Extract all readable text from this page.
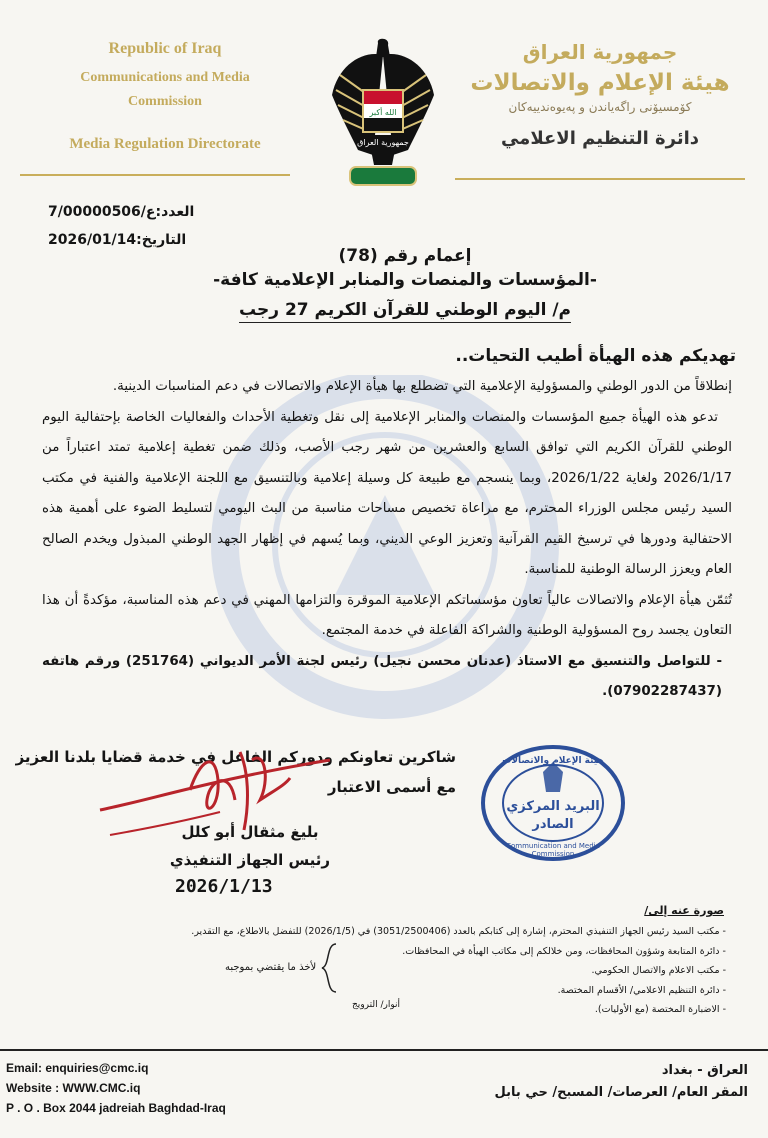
Republic of Iraq
Communications and Media
Commission
Media Regulation Directorate
الله أكبر
جمهورية العراق
جمهورية العراق
هيئة الإعلام والاتصالات
کۆمسیۆنی راگەیاندن و پەیوەندییەکان
دائرة التنظيم الاعلامي
العدد:7/ع/00000506
التاريخ:2026/01/14
إعمام رقم (78)
-المؤسسات والمنصات والمنابر الإعلامية كافة-
م/ اليوم الوطني للقرآن الكريم 27 رجب
تهديكم هذه الهيأة أطيب التحيات..

إنطلاقاً من الدور الوطني والمسؤولية الإعلامية التي تضطلع بها هيأة الإعلام والاتصالات في دعم المناسبات الدينية.

تدعو هذه الهيأة جميع المؤسسات والمنصات والمنابر الإعلامية إلى نقل وتغطية الأحداث والفعاليات الخاصة بإحتفالية اليوم الوطني للقرآن الكريم التي توافق السابع والعشرين من شهر رجب الأصب، وذلك ضمن تغطية إعلامية تمتد اعتباراً من 2026/1/17 ولغاية 2026/1/22، وبما ينسجم مع طبيعة كل وسيلة إعلامية وبالتنسيق مع اللجنة الإعلامية والفنية في مكتب السيد رئيس مجلس الوزراء المحترم، مع مراعاة تخصيص مساحات مناسبة من البث اليومي لتسليط الضوء على أهمية هذه الاحتفالية ودورها في ترسيخ القيم القرآنية وتعزيز الوعي الديني، وبما يُسهم في إظهار الجهد الوطني المبذول ويخدم الصالح العام ويعزز الرسالة الوطنية للمناسبة.

تُثمّن هيأة الإعلام والاتصالات عالياً تعاون مؤسساتكم الإعلامية الموقرة والتزامها المهني في دعم هذه المناسبة، مؤكدةً أن هذا التعاون يجسد روح المسؤولية الوطنية والشراكة الفاعلة في خدمة المجتمع.

- للتواصل والتنسيق مع الاستاذ (عدنان محسن نجيل) رئيس لجنة الأمر الديواني (251764) ورقم هاتفه (07902287437).

شاكرين تعاونكم ودوركم الفاعل في خدمة قضايا بلدنا العزيز
مع أسمى الاعتبار
بليغ مثقال أبو كلل
رئيس الجهاز التنفيذي
2026/1/13
هيئة الإعلام والاتصالات
البريد المركزي
الصادر
Communication and Media Commission
صورة عنه إلى/
- مكتب السيد رئيس الجهاز التنفيذي المحترم، إشارة إلى كتابكم بالعدد (3051/2500406) في (2026/1/5) للتفضل بالاطلاع، مع التقدير.
- دائرة المتابعة وشؤون المحافظات، ومن خلالكم إلى مكاتب الهيأة في المحافظات.
- مكتب الاعلام والاتصال الحكومي.
- دائرة التنظيم الاعلامي/ الأقسام المختصة.
- الاضبارة المختصة (مع الأوليات).
لأخذ ما يقتضي بموجبه
أنوار/ الترويج
Email: enquiries@cmc.iq
Website : WWW.CMC.iq
P . O . Box 2044 jadreiah Baghdad-Iraq
العراق - بغداد
المقر العام/ العرصات/ المسبح/ حي بابل
